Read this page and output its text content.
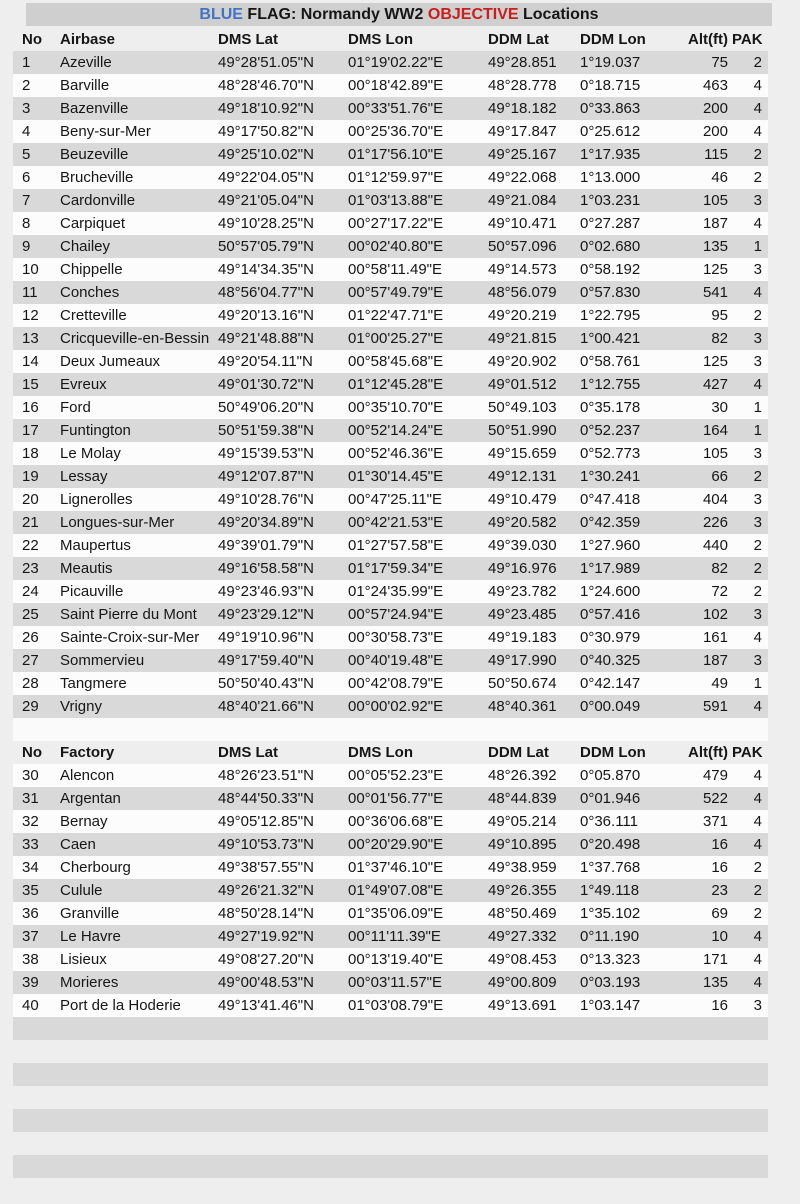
BLUE FLAG: Normandy WW2 OBJECTIVE Locations
No	Airbase	DMS Lat	DMS Lon	DDM Lat	DDM Lon	Alt(ft) PAK
1	Azeville	49°28'51.05"N	01°19'02.22"E	49°28.851	1°19.037	75	2
2	Barville	48°28'46.70"N	00°18'42.89"E	48°28.778	0°18.715	463	4
3	Bazenville	49°18'10.92"N	00°33'51.76"E	49°18.182	0°33.863	200	4
4	Beny-sur-Mer	49°17'50.82"N	00°25'36.70"E	49°17.847	0°25.612	200	4
5	Beuzeville	49°25'10.02"N	01°17'56.10"E	49°25.167	1°17.935	115	2
6	Brucheville	49°22'04.05"N	01°12'59.97"E	49°22.068	1°13.000	46	2
7	Cardonville	49°21'05.04"N	01°03'13.88"E	49°21.084	1°03.231	105	3
8	Carpiquet	49°10'28.25"N	00°27'17.22"E	49°10.471	0°27.287	187	4
9	Chailey	50°57'05.79"N	00°02'40.80"E	50°57.096	0°02.680	135	1
10	Chippelle	49°14'34.35"N	00°58'11.49"E	49°14.573	0°58.192	125	3
11	Conches	48°56'04.77"N	00°57'49.79"E	48°56.079	0°57.830	541	4
12	Cretteville	49°20'13.16"N	01°22'47.71"E	49°20.219	1°22.795	95	2
13	Cricqueville-en-Bessin 49°21'48.88"N	01°00'25.27"E	49°21.815	1°00.421	82	3
14	Deux Jumeaux	49°20'54.11"N	00°58'45.68"E	49°20.902	0°58.761	125	3
15	Evreux	49°01'30.72"N	01°12'45.28"E	49°01.512	1°12.755	427	4
16	Ford	50°49'06.20"N	00°35'10.70"E	50°49.103	0°35.178	30	1
17	Funtington	50°51'59.38"N	00°52'14.24"E	50°51.990	0°52.237	164	1
18	Le Molay	49°15'39.53"N	00°52'46.36"E	49°15.659	0°52.773	105	3
19	Lessay	49°12'07.87"N	01°30'14.45"E	49°12.131	1°30.241	66	2
20	Lignerolles	49°10'28.76"N	00°47'25.11"E	49°10.479	0°47.418	404	3
21	Longues-sur-Mer	49°20'34.89"N	00°42'21.53"E	49°20.582	0°42.359	226	3
22	Maupertus	49°39'01.79"N	01°27'57.58"E	49°39.030	1°27.960	440	2
23	Meautis	49°16'58.58"N	01°17'59.34"E	49°16.976	1°17.989	82	2
24	Picauville	49°23'46.93"N	01°24'35.99"E	49°23.782	1°24.600	72	2
25	Saint Pierre du Mont	49°23'29.12"N	00°57'24.94"E	49°23.485	0°57.416	102	3
26	Sainte-Croix-sur-Mer	49°19'10.96"N	00°30'58.73"E	49°19.183	0°30.979	161	4
27	Sommervieu	49°17'59.40"N	00°40'19.48"E	49°17.990	0°40.325	187	3
28	Tangmere	50°50'40.43"N	00°42'08.79"E	50°50.674	0°42.147	49	1
29	Vrigny	48°40'21.66"N	00°00'02.92"E	48°40.361	0°00.049	591	4
No	Factory	DMS Lat	DMS Lon	DDM Lat	DDM Lon	Alt(ft) PAK
30	Alencon	48°26'23.51"N	00°05'52.23"E	48°26.392	0°05.870	479	4
31	Argentan	48°44'50.33"N	00°01'56.77"E	48°44.839	0°01.946	522	4
32	Bernay	49°05'12.85"N	00°36'06.68"E	49°05.214	0°36.111	371	4
33	Caen	49°10'53.73"N	00°20'29.90"E	49°10.895	0°20.498	16	4
34	Cherbourg	49°38'57.55"N	01°37'46.10"E	49°38.959	1°37.768	16	2
35	Culule	49°26'21.32"N	01°49'07.08"E	49°26.355	1°49.118	23	2
36	Granville	48°50'28.14"N	01°35'06.09"E	48°50.469	1°35.102	69	2
37	Le Havre	49°27'19.92"N	00°11'11.39"E	49°27.332	0°11.190	10	4
38	Lisieux	49°08'27.20"N	00°13'19.40"E	49°08.453	0°13.323	171	4
39	Morieres	49°00'48.53"N	00°03'11.57"E	49°00.809	0°03.193	135	4
40	Port de la Hoderie	49°13'41.46"N	01°03'08.79"E	49°13.691	1°03.147	16	3
